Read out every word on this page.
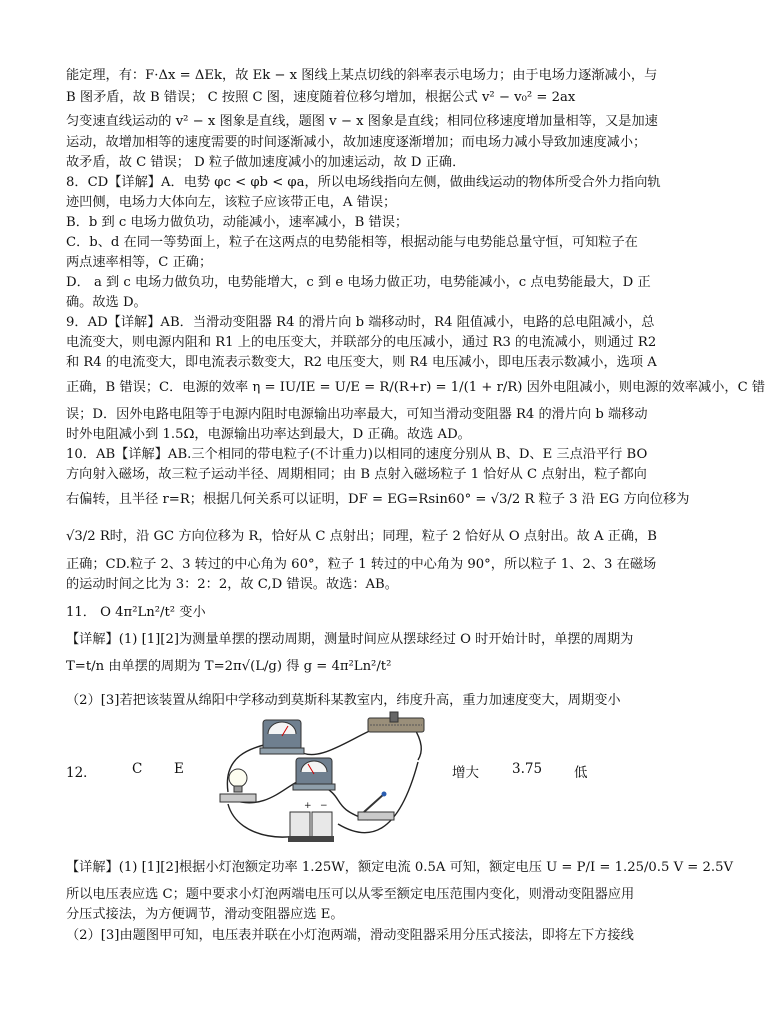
能定理，有：F·Δx = ΔEk，故 Ek − x 图线上某点切线的斜率表示电场力；由于电场力逐渐减小，与
B 图矛盾，故 B 错误； C 按照 C 图，速度随着位移匀增加，根据公式 v² − v₀² = 2ax
匀变速直线运动的 v² − x 图象是直线，题图 v − x 图象是直线；相同位移速度增加量相等，又是加速
运动，故增加相等的速度需要的时间逐渐减小，故加速度逐渐增加；而电场力减小导致加速度减小；
故矛盾，故 C 错误； D 粒子做加速度减小的加速运动，故 D 正确．
8．CD【详解】A．电势 φc < φb < φa，所以电场线指向左侧，做曲线运动的物体所受合外力指向轨
迹凹侧，电场力大体向左，该粒子应该带正电，A 错误；
B．b 到 c 电场力做负功，动能减小，速率减小，B 错误；
C．b、d 在同一等势面上，粒子在这两点的电势能相等，根据动能与电势能总量守恒，可知粒子在
两点速率相等，C 正确；
D． a 到 c 电场力做负功，电势能增大，c 到 e 电场力做正功，电势能减小，c 点电势能最大，D 正
确。故选 D。
9．AD【详解】AB．当滑动变阻器 R4 的滑片向 b 端移动时，R4 阻值减小，电路的总电阻减小，总
电流变大，则电源内阻和 R1 上的电压变大，并联部分的电压减小，通过 R3 的电流减小，则通过 R2
和 R4 的电流变大，即电流表示数变大，R2 电压变大，则 R4 电压减小，即电压表示数减小，选项 A
正确，B 错误；C．电源的效率 η = IU/IE = U/E = R/(R+r) = 1/(1 + r/R) 因外电阻减小，则电源的效率减小，C 错
误；D．因外电路电阻等于电源内阻时电源输出功率最大，可知当滑动变阻器 R4 的滑片向 b 端移动
时外电阻减小到 1.5Ω，电源输出功率达到最大，D 正确。故选 AD。
10．AB【详解】AB.三个相同的带电粒子(不计重力)以相同的速度分别从 B、D、E 三点沿平行 BO
方向射入磁场，故三粒子运动半径、周期相同；由 B 点射入磁场粒子 1 恰好从 C 点射出，粒子都向
右偏转，且半径 r=R；根据几何关系可以证明，DF = EG=Rsin60° = √3/2 R 粒子 3 沿 EG 方向位移为
√3/2 R时，沿 GC 方向位移为 R，恰好从 C 点射出；同理，粒子 2 恰好从 O 点射出。故 A 正确，B
正确；CD.粒子 2、3 转过的中心角为 60°，粒子 1 转过的中心角为 90°，所以粒子 1、2、3 在磁场
的运动时间之比为 3：2：2，故 C,D 错误。故选：AB。
11． O 4π²Ln²/t² 变小
【详解】(1) [1][2]为测量单摆的摆动周期，测量时间应从摆球经过 O 时开始计时，单摆的周期为
T=t/n 由单摆的周期为 T=2π√(L/g) 得 g = 4π²Ln²/t²
（2）[3]若把该装置从绵阳中学移动到莫斯科某教室内，纬度升高，重力加速度变大，周期变小
12．	C E	增大 3.75 低
+ −
【详解】(1) [1][2]根据小灯泡额定功率 1.25W，额定电流 0.5A 可知，额定电压 U = P/I = 1.25/0.5 V = 2.5V
所以电压表应选 C；题中要求小灯泡两端电压可以从零至额定电压范围内变化，则滑动变阻器应用
分压式接法，为方便调节，滑动变阻器应选 E。
（2）[3]由题图甲可知，电压表并联在小灯泡两端，滑动变阻器采用分压式接法，即将左下方接线
